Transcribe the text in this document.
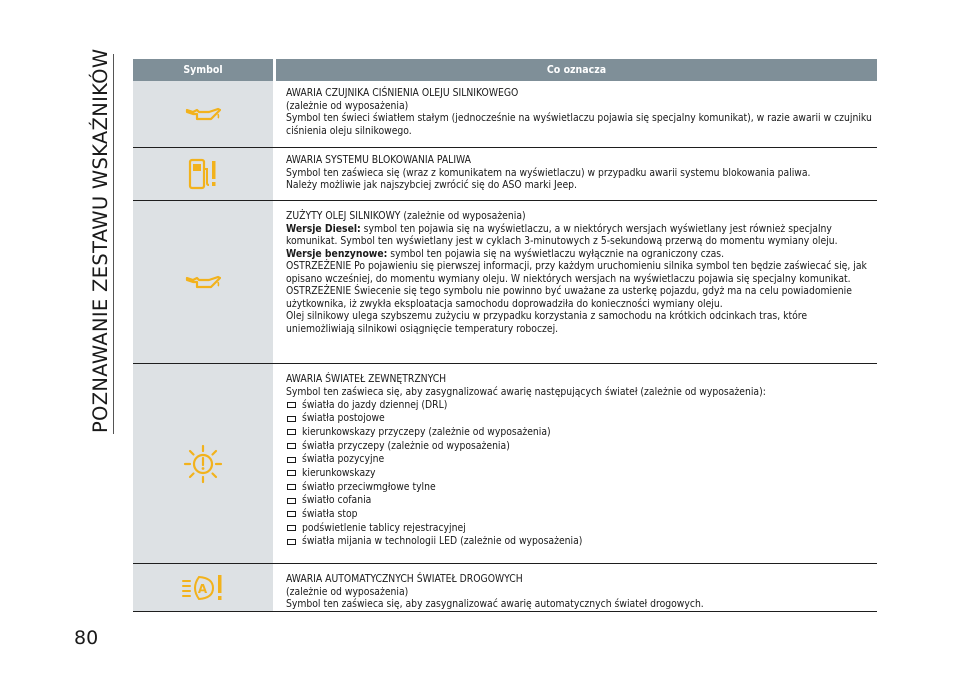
POZNAWANIE ZESTAWU WSKAŹNIKÓW	Symbol	Co oznacza
AWARIA CZUJNIKA CIŚNIENIA OLEJU SILNIKOWEGO
(zależnie od wyposażenia)
Symbol ten świeci światłem stałym (jednocześnie na wyświetlaczu pojawia się specjalny komunikat), w razie awarii w czujniku ciśnienia oleju silnikowego.
AWARIA SYSTEMU BLOKOWANIA PALIWA
Symbol ten zaświeca się (wraz z komunikatem na wyświetlaczu) w przypadku awarii systemu blokowania paliwa.
Należy możliwie jak najszybciej zwrócić się do ASO marki Jeep.
ZUŻYTY OLEJ SILNIKOWY (zależnie od wyposażenia)
Wersje Diesel: symbol ten pojawia się na wyświetlaczu, a w niektórych wersjach wyświetlany jest również specjalny komunikat. Symbol ten wyświetlany jest w cyklach 3-minutowych z 5-sekundową przerwą do momentu wymiany oleju.
Wersje benzynowe: symbol ten pojawia się na wyświetlaczu wyłącznie na ograniczony czas.
OSTRZEŻENIE Po pojawieniu się pierwszej informacji, przy każdym uruchomieniu silnika symbol ten będzie zaświecać się, jak opisano wcześniej, do momentu wymiany oleju. W niektórych wersjach na wyświetlaczu pojawia się specjalny komunikat.
OSTRZEŻENIE Świecenie się tego symbolu nie powinno być uważane za usterkę pojazdu, gdyż ma na celu powiadomienie użytkownika, iż zwykła eksploatacja samochodu doprowadziła do konieczności wymiany oleju.
Olej silnikowy ulega szybszemu zużyciu w przypadku korzystania z samochodu na krótkich odcinkach tras, które uniemożliwiają silnikowi osiągnięcie temperatury roboczej.
AWARIA ŚWIATEŁ ZEWNĘTRZNYCH
Symbol ten zaświeca się, aby zasygnalizować awarię następujących świateł (zależnie od wyposażenia):
światła do jazdy dziennej (DRL)
światła postojowe
kierunkowskazy przyczepy (zależnie od wyposażenia)
światła przyczepy (zależnie od wyposażenia)
światła pozycyjne
kierunkowskazy
światło przeciwmgłowe tylne
światło cofania
światła stop
podświetlenie tablicy rejestracyjnej
światła mijania w technologii LED (zależnie od wyposażenia)
A
AWARIA AUTOMATYCZNYCH ŚWIATEŁ DROGOWYCH
(zależnie od wyposażenia)
Symbol ten zaświeca się, aby zasygnalizować awarię automatycznych świateł drogowych.
80
